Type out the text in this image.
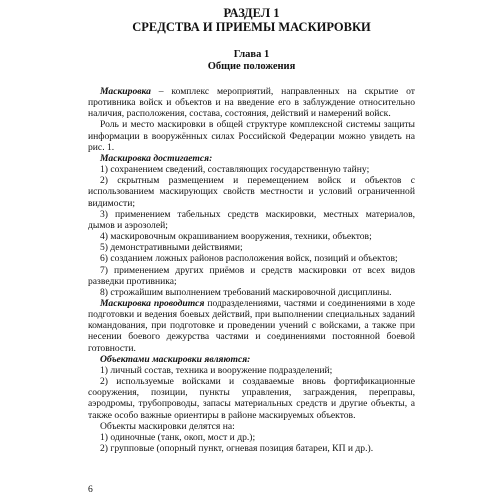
РАЗДЕЛ 1
СРЕДСТВА И ПРИЕМЫ МАСКИРОВКИ
Глава 1
Общие положения

Маскировка – комплекс мероприятий, направленных на скрытие от противника войск и объектов и на введение его в заблуждение относительно наличия, расположения, состава, состояния, действий и намерений войск.

Роль и место маскировки в общей структуре комплексной системы защиты информации в вооружённых силах Российской Федерации можно увидеть на рис. 1.

Маскировка достигается:

1) сохранением сведений, составляющих государственную тайну;

2) скрытным размещением и перемещением войск и объектов с использованием маскирующих свойств местности и условий ограниченной видимости;

3) применением табельных средств маскировки, местных материалов, дымов и аэрозолей;

4) маскировочным окрашиванием вооружения, техники, объектов;

5) демонстративными действиями;

6) созданием ложных районов расположения войск, позиций и объектов;

7) применением других приёмов и средств маскировки от всех видов разведки противника;

8) строжайшим выполнением требований маскировочной дисциплины.

Маскировка проводится подразделениями, частями и соединениями в ходе подготовки и ведения боевых действий, при выполнении специальных заданий командования, при подготовке и проведении учений с войсками, а также при несении боевого дежурства частями и соединениями постоянной боевой готовности.

Объектами маскировки являются:

1) личный состав, техника и вооружение подразделений;

2) используемые войсками и создаваемые вновь фортификационные сооружения, позиции, пункты управления, заграждения, переправы, аэродромы, трубопроводы, запасы материальных средств и другие объекты, а также особо важные ориентиры в районе маскируемых объектов.

Объекты маскировки делятся на:

1) одиночные (танк, окоп, мост и др.);

2) групповые (опорный пункт, огневая позиция батареи, КП и др.).

6
